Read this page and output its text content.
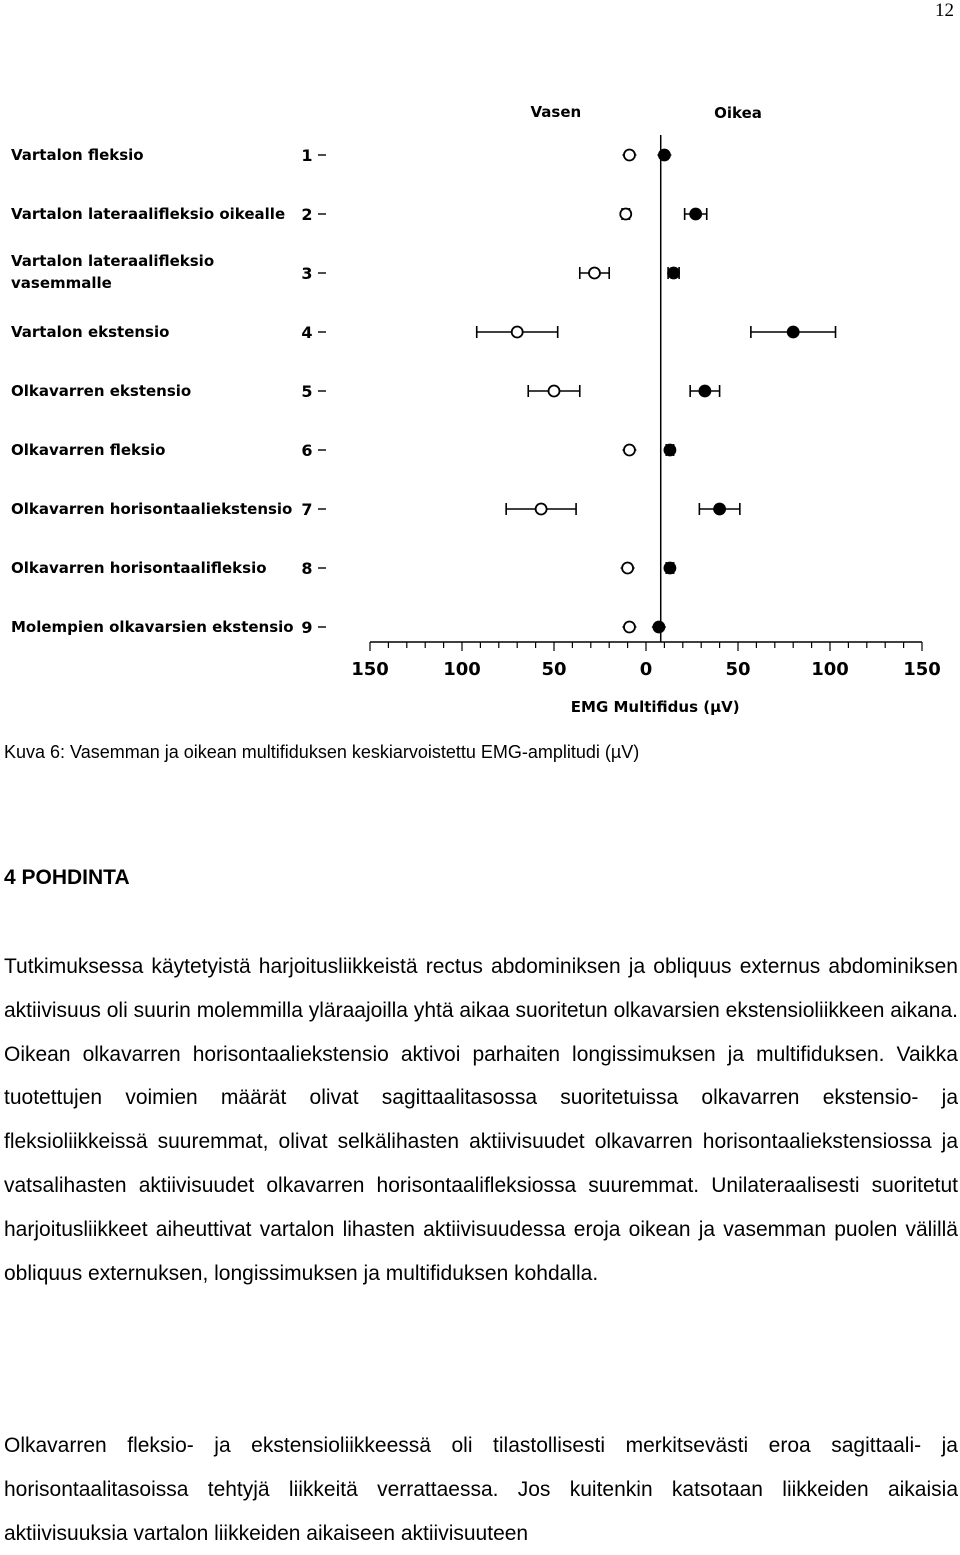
12
Vasen	Oikea
150	100	50	0	50	100	150
EMG Multifidus (µV)
Vartalon fleksio	1
Vartalon lateraalifleksio oikealle 2
Vartalon lateraalifleksio
vasemmalle	3
Vartalon ekstensio	4
Olkavarren ekstensio	5
Olkavarren fleksio	6
Olkavarren horisontaaliekstensio 7
Olkavarren horisontaalifleksio 8
Molempien olkavarsien ekstensio 9
Kuva 6: Vasemman ja oikean multifiduksen keskiarvoistettu EMG-amplitudi (µV)
4 POHDINTA

Tutkimuksessa käytetyistä harjoitusliikkeistä rectus abdominiksen ja obliquus externus abdominiksen aktiivisuus oli suurin molemmilla yläraajoilla yhtä aikaa suoritetun olkavarsien ekstensioliikkeen aikana. Oikean olkavarren horisontaaliekstensio aktivoi parhaiten longissimuksen ja multifiduksen. Vaikka tuotettujen voimien määrät olivat sagittaalitasossa suoritetuissa olkavarren ekstensio- ja fleksioliikkeissä suuremmat, olivat selkälihasten aktiivisuudet olkavarren horisontaaliekstensiossa ja vatsalihasten aktiivisuudet olkavarren horisontaalifleksiossa suuremmat. Unilateraalisesti suoritetut harjoitusliikkeet aiheuttivat vartalon lihasten aktiivisuudessa eroja oikean ja vasemman puolen välillä obliquus externuksen, longissimuksen ja multifiduksen kohdalla.

Olkavarren fleksio- ja ekstensioliikkeessä oli tilastollisesti merkitsevästi eroa sagittaali- ja horisontaalitasoissa tehtyjä liikkeitä verrattaessa. Jos kuitenkin katsotaan liikkeiden aikaisia aktiivisuuksia vartalon liikkeiden aikaiseen aktiivisuuteen
